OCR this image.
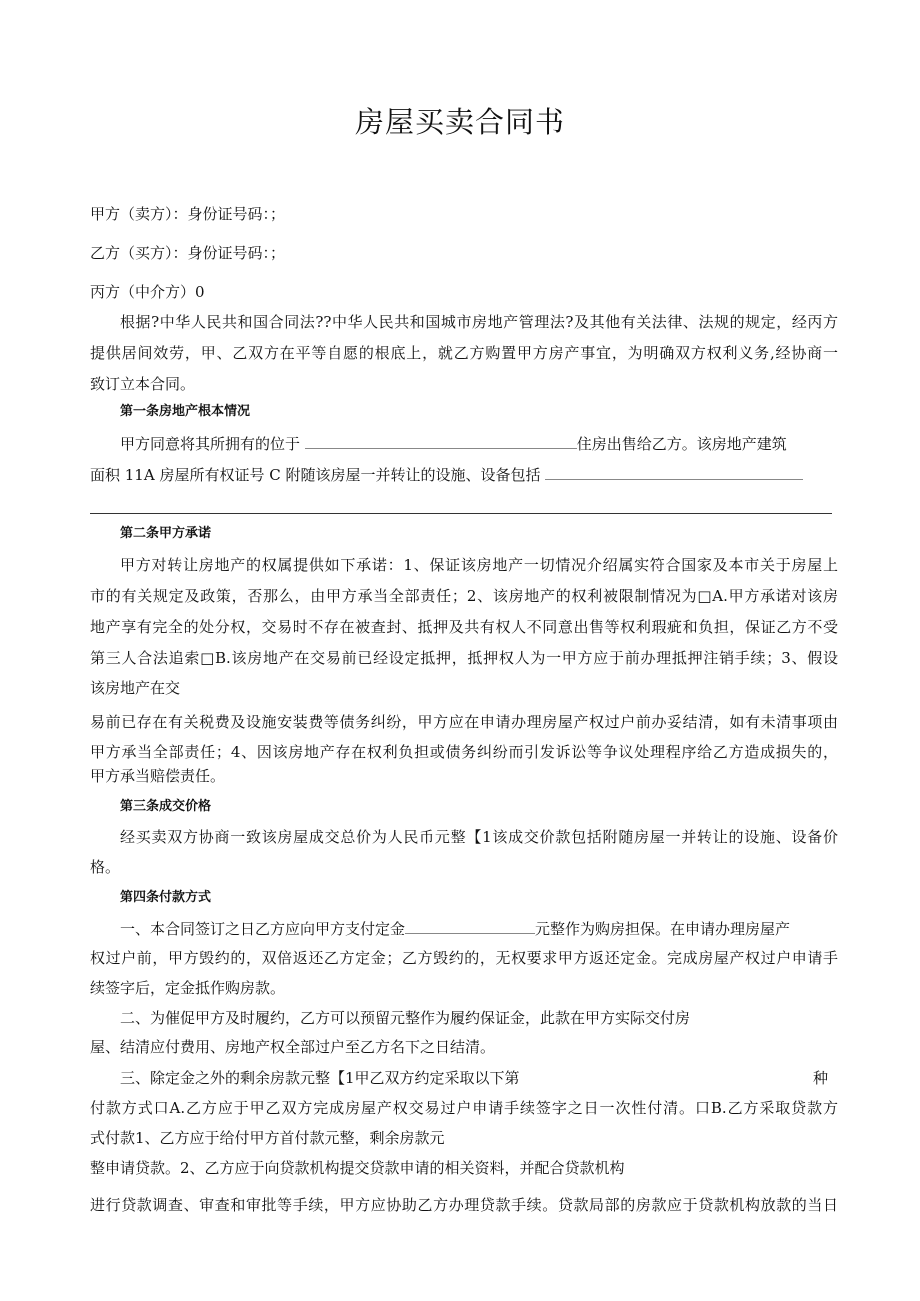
房屋买卖合同书
甲方（卖方）：身份证号码：；
乙方（买方）：身份证号码：；
丙方（中介方）0
根据?中华人民共和国合同法??中华人民共和国城市房地产管理法?及其他有关法律、法规的规定，经丙方
提供居间效劳，甲、乙双方在平等自愿的根底上，就乙方购置甲方房产事宜，为明确双方权利义务,经协商一
致订立本合同。
第一条房地产根本情况
甲方同意将其所拥有的位于	住房出售给乙方。该房地产建筑
面积 11A 房屋所有权证号 C 附随该房屋一并转让的设施、设备包括
第二条甲方承诺
甲方对转让房地产的权属提供如下承诺：1、保证该房地产一切情况介绍属实符合国家及本市关于房屋上
市的有关规定及政策，否那么，由甲方承当全部责任；2、该房地产的权利被限制情况为□A.甲方承诺对该房
地产享有完全的处分权，交易时不存在被查封、抵押及共有权人不同意出售等权利瑕疵和负担，保证乙方不受
第三人合法追索□B.该房地产在交易前已经设定抵押，抵押权人为一甲方应于前办理抵押注销手续；3、假设
该房地产在交
易前已存在有关税费及设施安装费等债务纠纷，甲方应在申请办理房屋产权过户前办妥结清，如有未清事项由
甲方承当全部责任；4、因该房地产存在权利负担或债务纠纷而引发诉讼等争议处理程序给乙方造成损失的，
甲方承当赔偿责任。
第三条成交价格
经买卖双方协商一致该房屋成交总价为人民币元整【1该成交价款包括附随房屋一并转让的设施、设备价
格。
第四条付款方式
一、本合同签订之日乙方应向甲方支付定金	元整作为购房担保。在申请办理房屋产
权过户前，甲方毁约的，双倍返还乙方定金；乙方毁约的，无权要求甲方返还定金。完成房屋产权过户申请手
续签字后，定金抵作购房款。
二、为催促甲方及时履约，乙方可以预留元整作为履约保证金，此款在甲方实际交付房
屋、结清应付费用、房地产权全部过户至乙方名下之日结清。
三、除定金之外的剩余房款元整【1甲乙双方约定采取以下第	种
付款方式口A.乙方应于甲乙双方完成房屋产权交易过户申请手续签字之日一次性付清。口B.乙方采取贷款方
式付款1、乙方应于给付甲方首付款元整，剩余房款元
整申请贷款。2、乙方应于向贷款机构提交贷款申请的相关资料，并配合贷款机构
进行贷款调查、审查和审批等手续，甲方应协助乙方办理贷款手续。贷款局部的房款应于贷款机构放款的当日
